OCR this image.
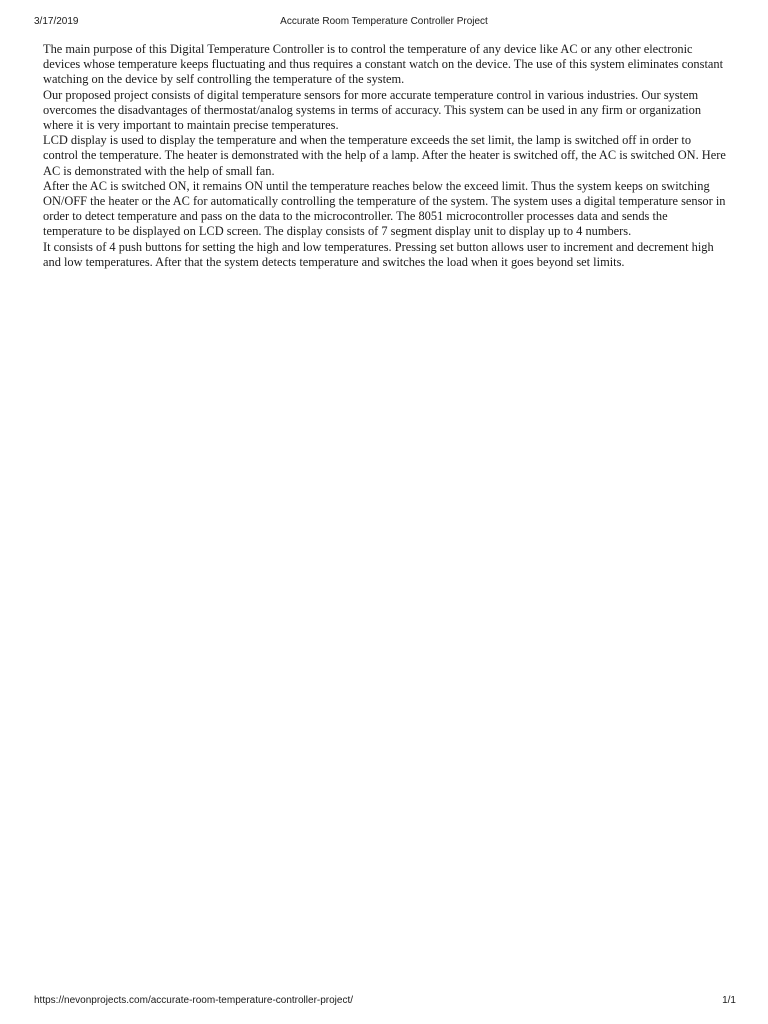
3/17/2019	Accurate Room Temperature Controller Project

The main purpose of this Digital Temperature Controller is to control the temperature of any device like AC or any other electronic devices whose temperature keeps fluctuating and thus requires a constant watch on the device. The use of this system eliminates constant watching on the device by self controlling the temperature of the system.

Our proposed project consists of digital temperature sensors for more accurate temperature control in various industries. Our system overcomes the disadvantages of thermostat/analog systems in terms of accuracy. This system can be used in any firm or organization where it is very important to maintain precise temperatures.

LCD display is used to display the temperature and when the temperature exceeds the set limit, the lamp is switched off in order to control the temperature. The heater is demonstrated with the help of a lamp. After the heater is switched off, the AC is switched ON. Here AC is demonstrated with the help of small fan.

After the AC is switched ON, it remains ON until the temperature reaches below the exceed limit. Thus the system keeps on switching ON/OFF the heater or the AC for automatically controlling the temperature of the system. The system uses a digital temperature sensor in order to detect temperature and pass on the data to the microcontroller. The 8051 microcontroller processes data and sends the temperature to be displayed on LCD screen. The display consists of 7 segment display unit to display up to 4 numbers.

It consists of 4 push buttons for setting the high and low temperatures. Pressing set button allows user to increment and decrement high and low temperatures. After that the system detects temperature and switches the load when it goes beyond set limits.

https://nevonprojects.com/accurate-room-temperature-controller-project/	1/1
